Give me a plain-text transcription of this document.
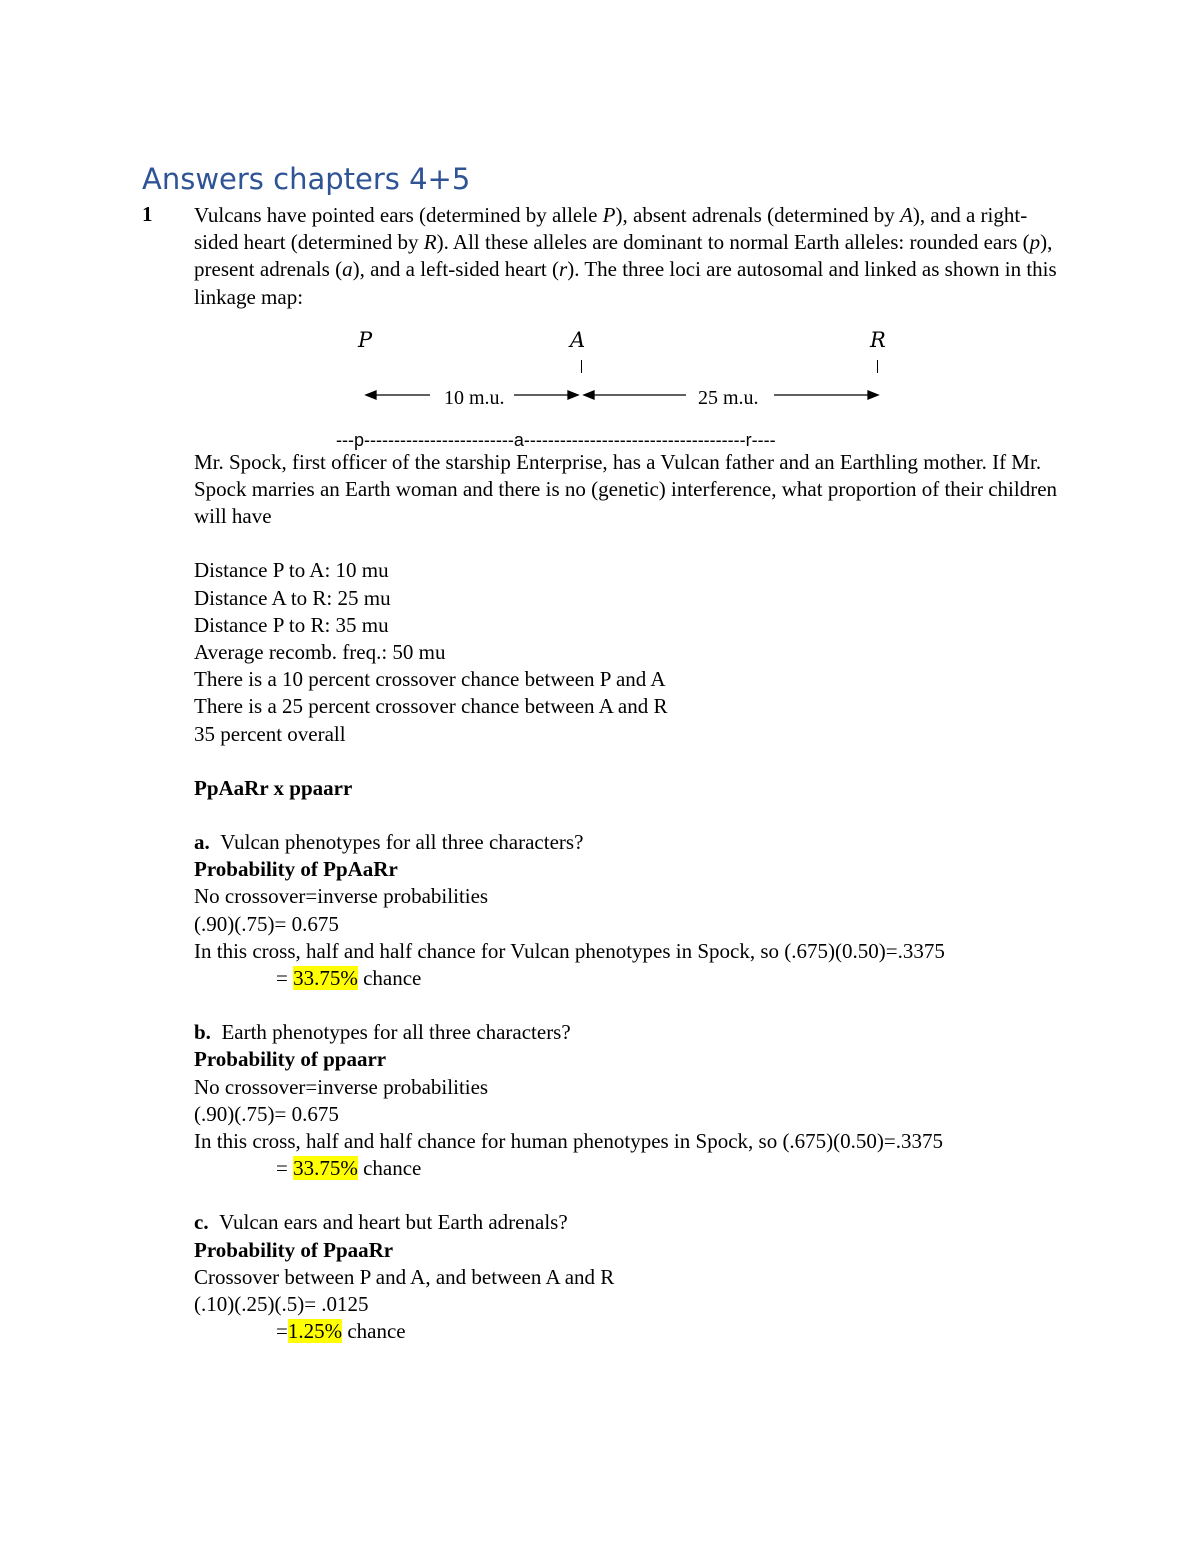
Answers chapters 4+5
1 Vulcans have pointed ears (determined by allele P), absent adrenals (determined by A), and a right-sided heart (determined by R). All these alleles are dominant to normal Earth alleles: rounded ears (p), present adrenals (a), and a left-sided heart (r). The three loci are autosomal and linked as shown in this linkage map:

P	A	R
10 m.u.	25 m.u.
---p-------------------------a-------------------------------------r----

Mr. Spock, first officer of the starship Enterprise, has a Vulcan father and an Earthling mother. If Mr. Spock marries an Earth woman and there is no (genetic) interference, what proportion of their children will have

Distance P to A: 10 mu

Distance A to R: 25 mu

Distance P to R: 35 mu

Average recomb. freq.: 50 mu

There is a 10 percent crossover chance between P and A

There is a 25 percent crossover chance between A and R

35 percent overall

PpAaRr x ppaarr

a. Vulcan phenotypes for all three characters?

Probability of PpAaRr

No crossover=inverse probabilities

(.90)(.75)= 0.675

In this cross, half and half chance for Vulcan phenotypes in Spock, so (.675)(0.50)=.3375

= 33.75% chance

b. Earth phenotypes for all three characters?

Probability of ppaarr

No crossover=inverse probabilities

(.90)(.75)= 0.675

In this cross, half and half chance for human phenotypes in Spock, so (.675)(0.50)=.3375

= 33.75% chance

c. Vulcan ears and heart but Earth adrenals?

Probability of PpaaRr

Crossover between P and A, and between A and R

(.10)(.25)(.5)= .0125

=1.25% chance
